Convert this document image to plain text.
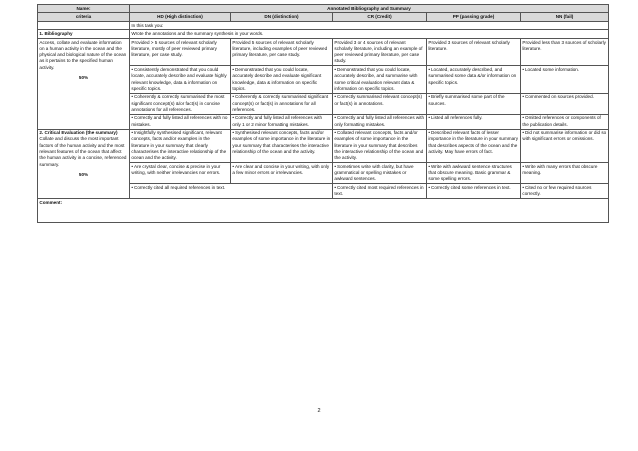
Name:	Annotated Bibliography and Summary				
criteria	HD (High distinction)	DN (distinction)	CR (Credit)	PP (passing grade)	NN (fail)
	In this task you:				
1. Bibliography	Wrote the annotations and the summary synthesis in your words.				

Access, collate and evaluate information on a human activity in the ocean and the physical and biological nature of the ocean as it pertains to the specified human activity.
50%	Provided > 5 sources of relevant scholarly literature, mostly of peer reviewed primary literature, per case study.	Provided 5 sources of relevant scholarly literature, including examples of peer reviewed primary literature, per case study.	Provided 3 or 4 sources of relevant scholarly literature, including an example of peer reviewed primary literature, per case study.	Provided 3 sources of relevant scholarly literature.	Provided less than 3 sources of scholarly literature.
	• Consistently demonstrated that you could locate, accurately describe and evaluate highly relevant knowledge, data & information on specific topics.	• Demonstrated that you could locate, accurately describe and evaluate significant knowledge, data & information on specific topics.	• Demonstrated that you could locate, accurately describe, and summarise with some critical evaluation relevant data & information on specific topics.	• Located, accurately described, and summarised some data &/or information on specific topics.	• Located some information.
	• Coherently & correctly summarised the most significant concept(s) &/or fact(s) in concise annotations for all references.	• Coherently & correctly summarised significant concept(s) or fact(s) in annotations for all references.	• Correctly summarised relevant concept(s) or fact(s) in annotations.	• Briefly summarised some part of the sources.	• Commented on sources provided.
	• Correctly and fully listed all references with no mistakes.	• Correctly and fully listed all references with only 1 or 2 minor formatting mistakes.	• Correctly and fully listed all references with only formatting mistakes.	• Listed all references fully.	• Omitted references or components of the publication details.

2. Critical Evaluation (the summary)
Collate and discuss the most important factors of the human activity and the most relevant features of the ocean that affect the human activity in a concise, referenced summary.
50%	• Insightfully synthesised significant, relevant concepts, facts and/or examples in the literature in your summary that clearly characterises the interactive relationship of the ocean and the activity.	• Synthesised relevant concepts, facts and/or examples of some importance in the literature in your summary that characterises the interactive relationship of the ocean and the activity.	• Collated relevant concepts, facts and/or examples of some importance in the literature in your summary that describes the interactive relationship of the ocean and the activity.	• Described relevant facts of lesser importance in the literature in your summary that describes aspects of the ocean and the activity. May have errors of fact.	• Did not summarise information or did so with significant errors or omissions.
	• Are crystal clear, concise & precise in your writing, with neither irrelevancies nor errors.	• Are clear and concise in your writing, with only a few minor errors or irrelevancies.	• Sometimes write with clarity, but have grammatical or spelling mistakes or awkward sentences.	• Write with awkward sentence structures that obscure meaning. Basic grammar & some spelling errors.	• Write with many errors that obscure meaning.
	• Correctly cited all required references in text.		• Correctly cited most required references in text.	• Correctly cited some references in text.	• Cited no or few required sources correctly.
Comment:					
2
